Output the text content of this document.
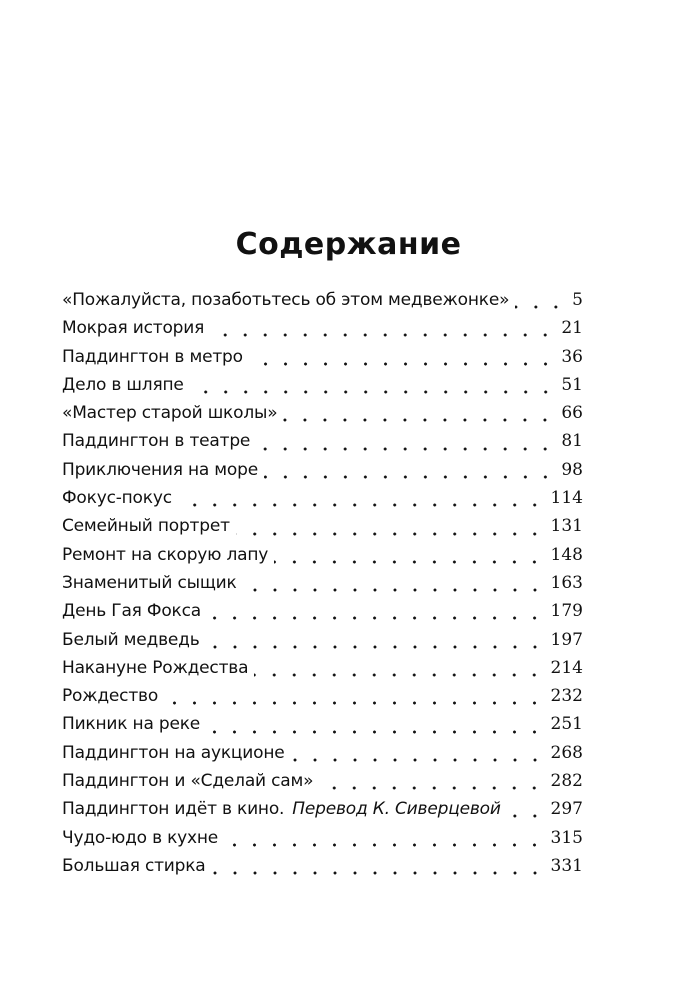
Содержание
«Пожалуйста, позаботьтесь об этом медвежонке»	5
Мокрая история	21
Паддингтон в метро	36
Дело в шляпе	51
«Мастер старой школы»	66
Паддингтон в театре	81
Приключения на море	98
Фокус-покус	114
Семейный портрет	131
Ремонт на скорую лапу	148
Знаменитый сыщик	163
День Гая Фокса	179
Белый медведь	197
Накануне Рождества	214
Рождество	232
Пикник на реке	251
Паддингтон на аукционе	268
Паддингтон и «Сделай сам»	282
Паддингтон идёт в кино. Перевод К. Сиверцевой	297
Чудо-юдо в кухне	315
Большая стирка	331
